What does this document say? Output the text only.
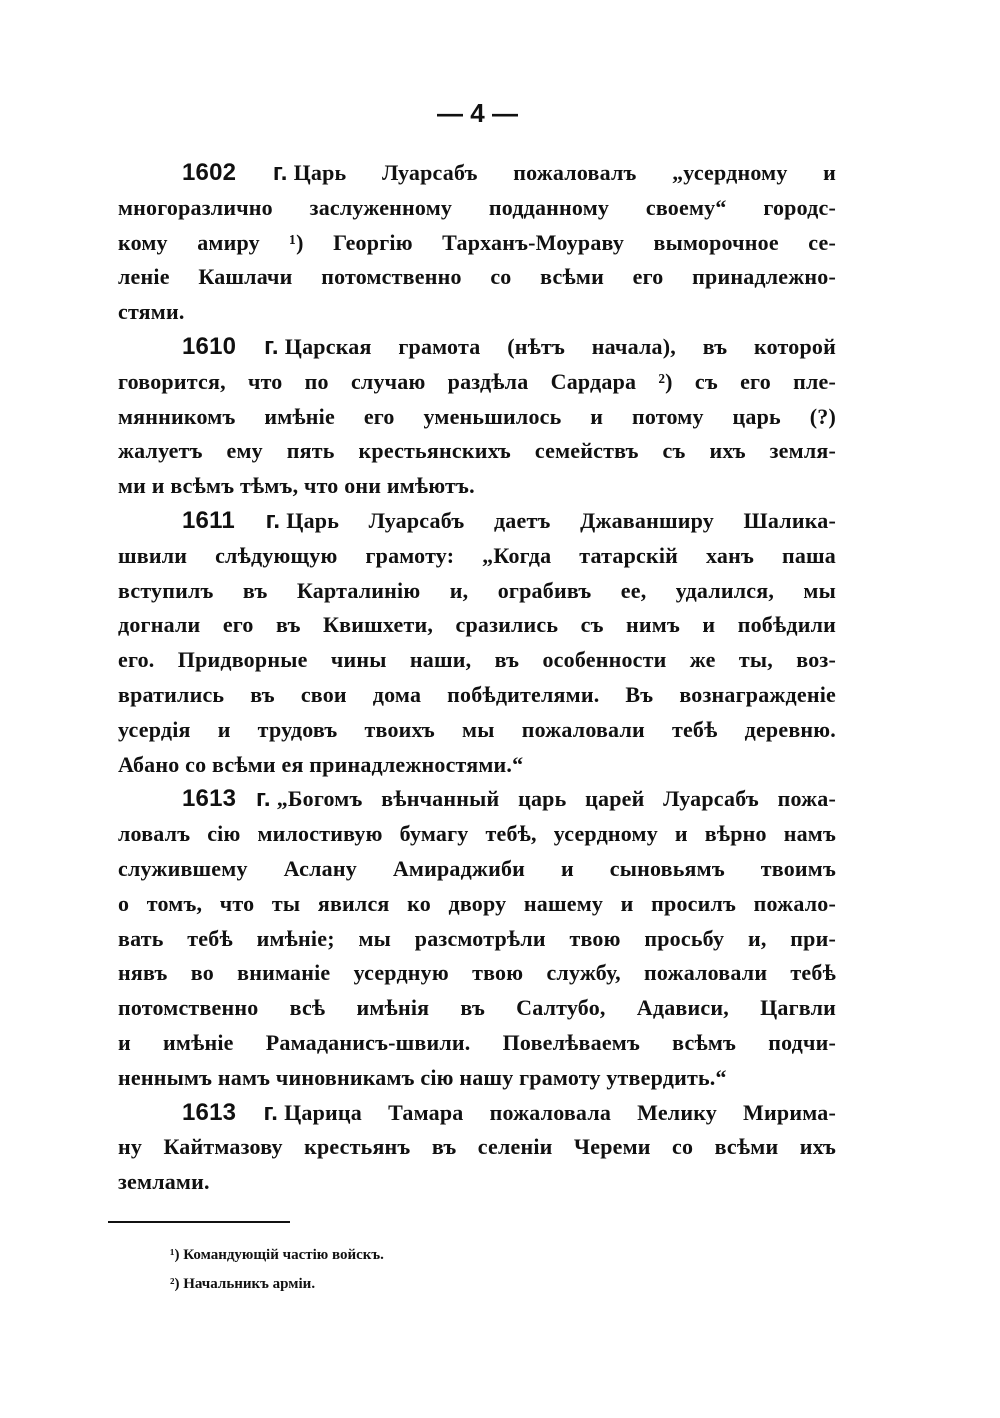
— 4 —
1602 г. Царь Луарсабъ пожаловалъ „усердному и
многоразлично заслуженному подданному своему“ городс-
кому амиру ¹) Георгію Тарханъ-Моураву выморочное се-
леніе Кашлачи потомственно со всѣми его принадлежно-
стями.
1610 г. Царская грамота (нѣтъ начала), въ которой
говорится, что по случаю раздѣла Сардара ²) съ его пле-
мянникомъ имѣніе его уменьшилось и потому царь (?)
жалуетъ ему пять крестьянскихъ семействъ съ ихъ земля-
ми и всѣмъ тѣмъ, что они имѣютъ.
1611 г. Царь Луарсабъ даетъ Джаванширу Шалика-
швили слѣдующую грамоту: „Когда татарскій ханъ паша
вступилъ въ Карталинію и, ограбивъ ее, удалился, мы
догнали его въ Квишхети, сразились съ нимъ и побѣдили
его. Придворные чины наши, въ особенности же ты, воз-
вратились въ свои дома побѣдителями. Въ вознагражденіе
усердія и трудовъ твоихъ мы пожаловали тебѣ деревню.
Абано со всѣми ея принадлежностями.“
1613 г. „Богомъ вѣнчанный царь царей Луарсабъ пожа-
ловалъ сію милостивую бумагу тебѣ, усердному и вѣрно намъ
служившему Аслану Амираджиби и сыновьямъ твоимъ
о томъ, что ты явился ко двору нашему и просилъ пожало-
вать тебѣ имѣніе; мы разсмотрѣли твою просьбу и, при-
нявъ во вниманіе усердную твою службу, пожаловали тебѣ
потомственно всѣ имѣнія въ Салтубо, Адависи, Цагвли
и имѣніе Рамаданисъ-швили. Повелѣваемъ всѣмъ подчи-
неннымъ намъ чиновникамъ сію нашу грамоту утвердить.“
1613 г. Царица Тамара пожаловала Мелику Мирима-
ну Кайтмазову крестьянъ въ селеніи Череми со всѣми ихъ
землами.
¹) Командующій частію войскъ.
²) Начальникъ арміи.
